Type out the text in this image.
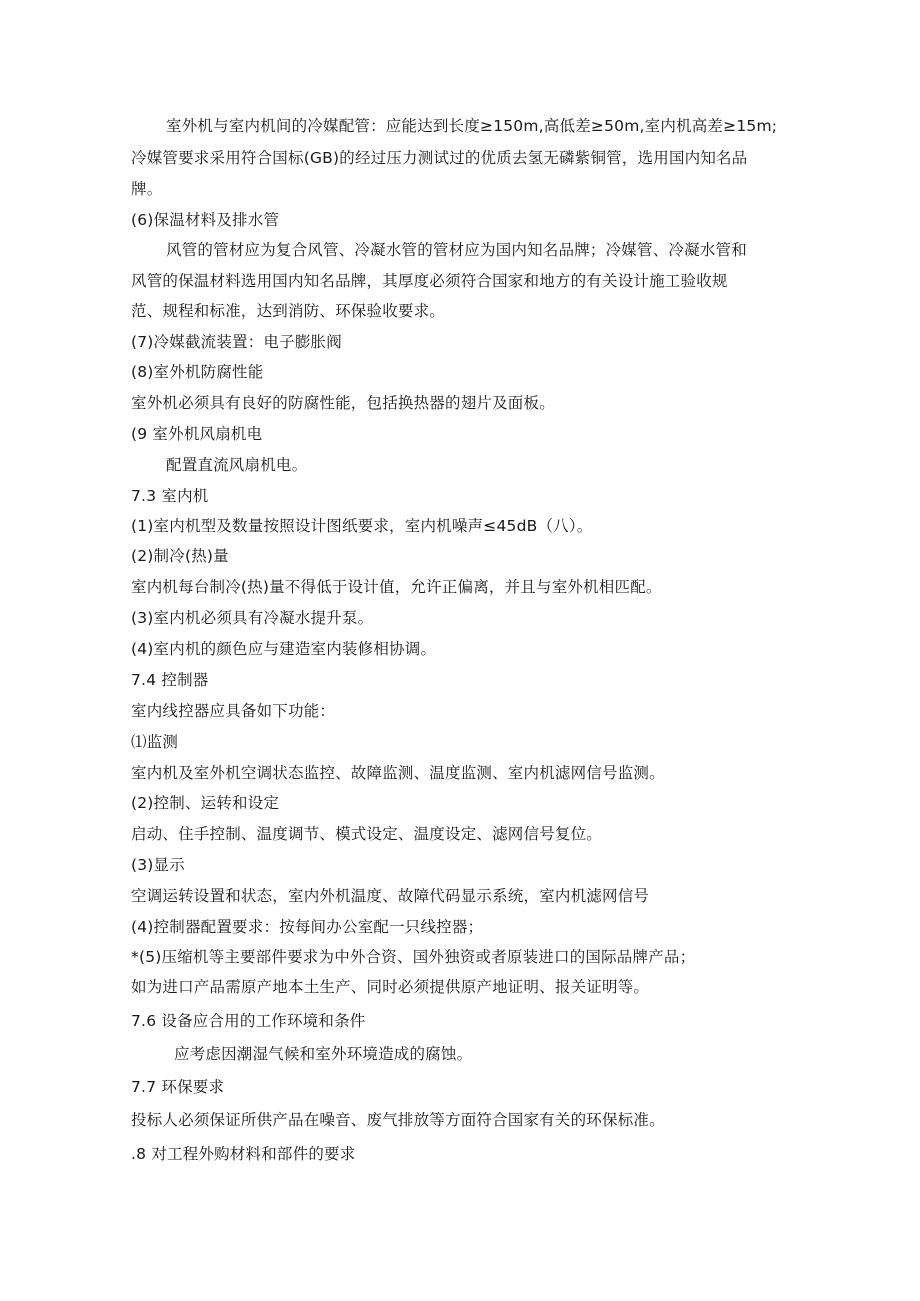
室外机与室内机间的冷媒配管：应能达到长度≥150m,高低差≥50m,室内机高差≥15m;
冷媒管要求采用符合国标(GB)的经过压力测试过的优质去氢无磷紫铜管，选用国内知名品
牌。
(6)保温材料及排水管
风管的管材应为复合风管、冷凝水管的管材应为国内知名品牌；冷媒管、冷凝水管和
风管的保温材料选用国内知名品牌，其厚度必须符合国家和地方的有关设计施工验收规
范、规程和标准，达到消防、环保验收要求。
(7)冷媒截流装置：电子膨胀阀
(8)室外机防腐性能
室外机必须具有良好的防腐性能，包括换热器的翅片及面板。
(9 室外机风扇机电
配置直流风扇机电。
7.3 室内机
(1)室内机型及数量按照设计图纸要求，室内机噪声≤45dB（八）。
(2)制冷(热)量
室内机每台制冷(热)量不得低于设计值，允许正偏离，并且与室外机相匹配。
(3)室内机必须具有冷凝水提升泵。
(4)室内机的颜色应与建造室内装修相协调。
7.4 控制器
室内线控器应具备如下功能：
⑴监测
室内机及室外机空调状态监控、故障监测、温度监测、室内机滤网信号监测。
(2)控制、运转和设定
启动、住手控制、温度调节、模式设定、温度设定、滤网信号复位。
(3)显示
空调运转设置和状态，室内外机温度、故障代码显示系统，室内机滤网信号
(4)控制器配置要求：按每间办公室配一只线控器；
*(5)压缩机等主要部件要求为中外合资、国外独资或者原装进口的国际品牌产品；
如为进口产品需原产地本土生产、同时必须提供原产地证明、报关证明等。
7.6 设备应合用的工作环境和条件
应考虑因潮湿气候和室外环境造成的腐蚀。
7.7 环保要求
投标人必须保证所供产品在噪音、废气排放等方面符合国家有关的环保标准。
.8 对工程外购材料和部件的要求
